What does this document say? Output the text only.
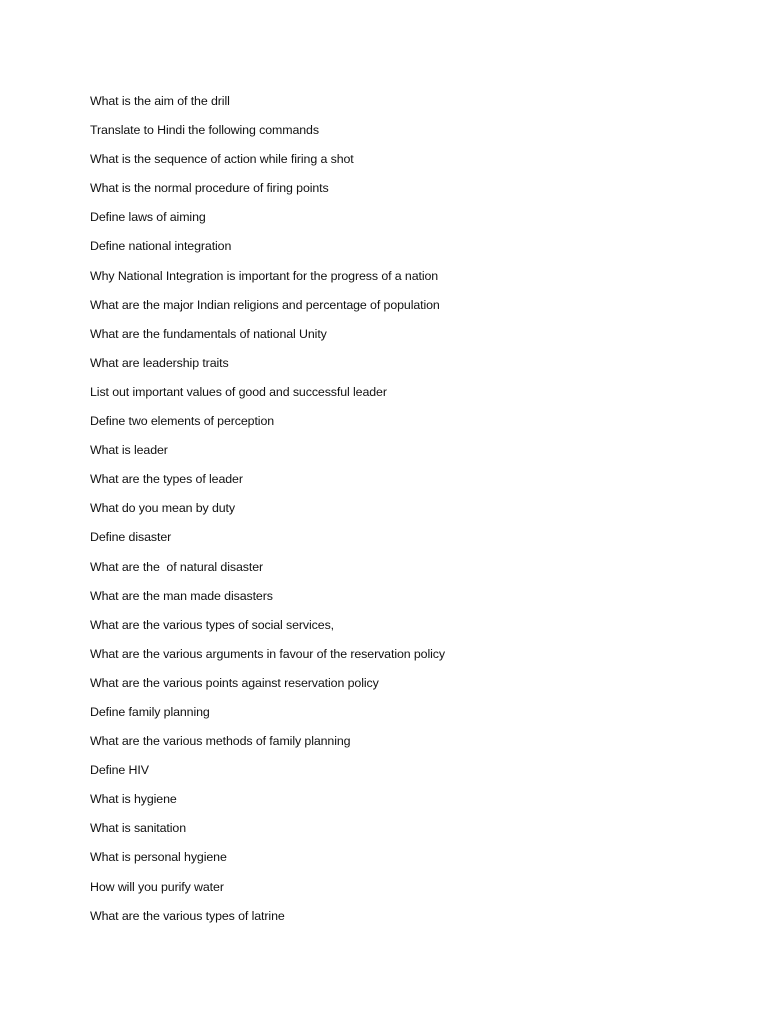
What is the aim of the drill
Translate to Hindi the following commands
What is the sequence of action while firing a shot
What is the normal procedure of firing points
Define laws of aiming
Define national integration
Why National Integration is important for the progress of a nation
What are the major Indian religions and percentage of population
What are the fundamentals of national Unity
What are leadership traits
List out important values of good and successful leader
Define two elements of perception
What is leader
What are the types of leader
What do you mean by duty
Define disaster
What are the  of natural disaster
What are the man made disasters
What are the various types of social services,
What are the various arguments in favour of the reservation policy
What are the various points against reservation policy
Define family planning
What are the various methods of family planning
Define HIV
What is hygiene
What is sanitation
What is personal hygiene
How will you purify water
What are the various types of latrine
